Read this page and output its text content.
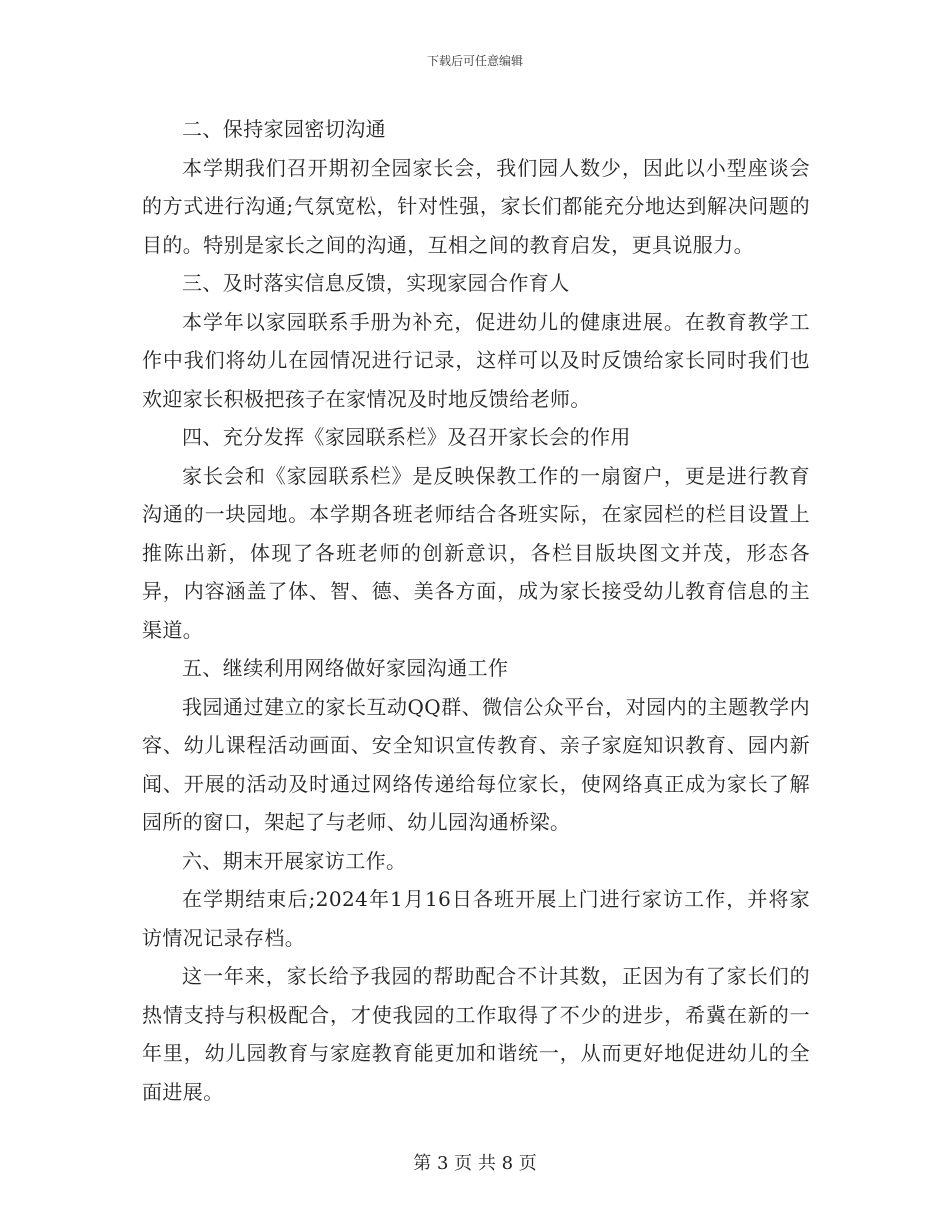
下载后可任意编辑

二、保持家园密切沟通

本学期我们召开期初全园家长会，我们园人数少，因此以小型座谈会的方式进行沟通;气氛宽松，针对性强，家长们都能充分地达到解决问题的目的。特别是家长之间的沟通，互相之间的教育启发，更具说服力。

三、及时落实信息反馈，实现家园合作育人

本学年以家园联系手册为补充，促进幼儿的健康进展。在教育教学工作中我们将幼儿在园情况进行记录，这样可以及时反馈给家长同时我们也欢迎家长积极把孩子在家情况及时地反馈给老师。

四、充分发挥《家园联系栏》及召开家长会的作用

家长会和《家园联系栏》是反映保教工作的一扇窗户，更是进行教育沟通的一块园地。本学期各班老师结合各班实际，在家园栏的栏目设置上推陈出新，体现了各班老师的创新意识，各栏目版块图文并茂，形态各异，内容涵盖了体、智、德、美各方面，成为家长接受幼儿教育信息的主渠道。

五、继续利用网络做好家园沟通工作

我园通过建立的家长互动QQ群、微信公众平台，对园内的主题教学内容、幼儿课程活动画面、安全知识宣传教育、亲子家庭知识教育、园内新闻、开展的活动及时通过网络传递给每位家长，使网络真正成为家长了解园所的窗口，架起了与老师、幼儿园沟通桥梁。

六、期末开展家访工作。

在学期结束后;2024年1月16日各班开展上门进行家访工作，并将家访情况记录存档。

这一年来，家长给予我园的帮助配合不计其数，正因为有了家长们的热情支持与积极配合，才使我园的工作取得了不少的进步，希冀在新的一年里，幼儿园教育与家庭教育能更加和谐统一，从而更好地促进幼儿的全面进展。

第 3 页 共 8 页
